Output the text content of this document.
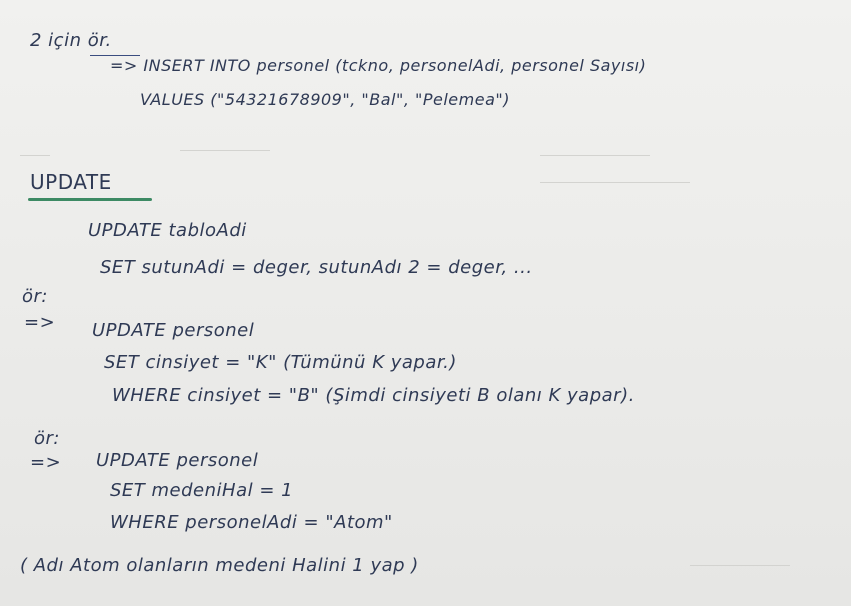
2 için ör.
=> INSERT INTO personel (tckno, personelAdi, personel Sayısı)
VALUES ("54321678909", "Bal", "Pelemea")
UPDATE
UPDATE tabloAdi
SET sutunAdi = deger, sutunAdı 2 = deger, ...
ör:
=> UPDATE personel
SET cinsiyet = "K" (Tümünü K yapar.)
WHERE cinsiyet = "B" (Şimdi cinsiyeti B olanı K yapar).
ör:
=> UPDATE personel
SET medeniHal = 1
WHERE personelAdi = "Atom"
( Adı Atom olanların medeni Halini 1 yap )
